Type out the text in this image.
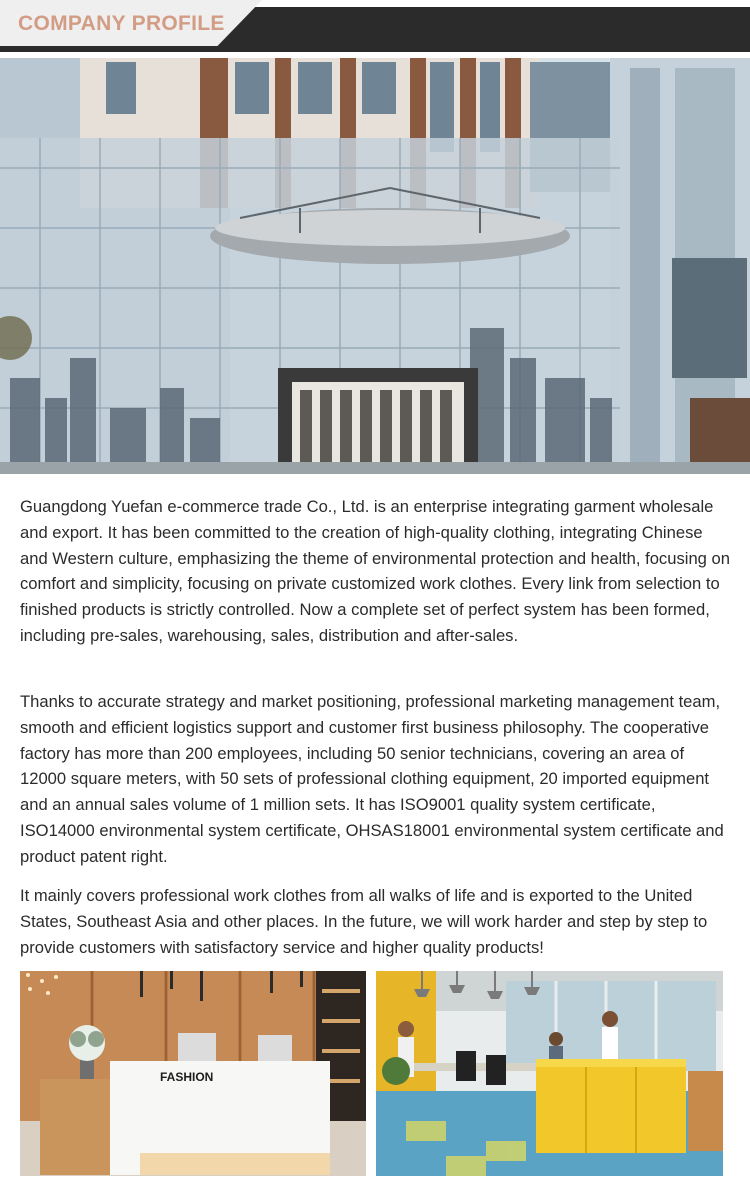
COMPANY PROFILE

Guangdong Yuefan e-commerce trade Co., Ltd. is an enterprise integrating garment wholesale and export. It has been committed to the creation of high-quality clothing, integrating Chinese and Western culture, emphasizing the theme of environmental protection and health, focusing on comfort and simplicity, focusing on private customized work clothes. Every link from selection to finished products is strictly controlled. Now a complete set of perfect system has been formed, including pre-sales, warehousing, sales, distribution and after-sales.

Thanks to accurate strategy and market positioning, professional marketing management team, smooth and efficient logistics support and customer first business philosophy. The cooperative factory has more than 200 employees, including 50 senior technicians, covering an area of 12000 square meters, with 50 sets of professional clothing equipment, 20 imported equipment and an annual sales volume of 1 million sets. It has ISO9001 quality system certificate, ISO14000 environmental system certificate, OHSAS18001 environmental system certificate and product patent right.

It mainly covers professional work clothes from all walks of life and is exported to the United States, Southeast Asia and other places. In the future, we will work harder and step by step to provide customers with satisfactory service and higher quality products!

FASHION
